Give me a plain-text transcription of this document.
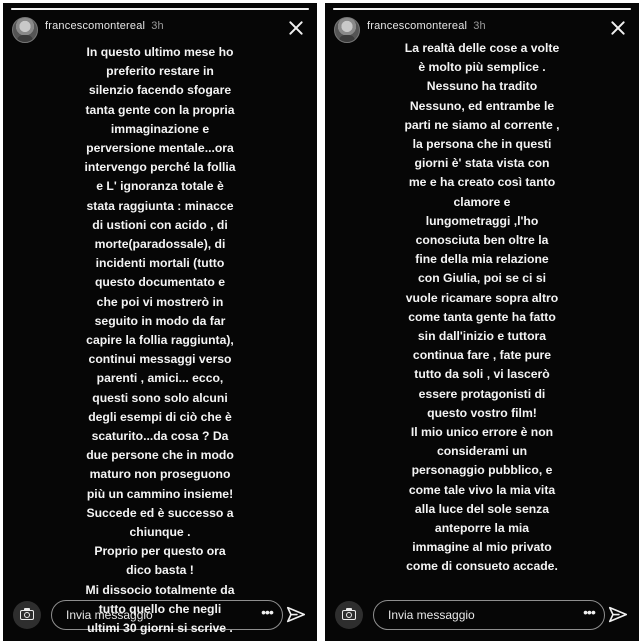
francescomontereal 3h

In questo ultimo mese ho
preferito restare in
silenzio facendo sfogare
tanta gente con la propria
immaginazione e
perversione mentale...ora
intervengo perché la follia
e L' ignoranza totale è
stata raggiunta : minacce
di ustioni con acido , di
morte(paradossale), di
incidenti mortali (tutto
questo documentato e
che poi vi mostrerò in
seguito in modo da far
capire la follia raggiunta),
continui messaggi verso
parenti , amici... ecco,
questi sono solo alcuni
degli esempi di ciò che è
scaturito...da cosa ? Da
due persone che in modo
maturo non proseguono
più un cammino insieme!
Succede ed è successo a
chiunque .
Proprio per questo ora
dico basta !
Mi dissocio totalmente da
tutto quello che negli
ultimi 30 giorni si scrive .

Invia messaggio
•••
francescomontereal 3h

La realtà delle cose a volte
è molto più semplice .
Nessuno ha tradito
Nessuno, ed entrambe le
parti ne siamo al corrente ,
la persona che in questi
giorni è' stata vista con
me e ha creato così tanto
clamore e
lungometraggi ,l'ho
conosciuta ben oltre la
fine della mia relazione
con Giulia, poi se ci si
vuole ricamare sopra altro
come tanta gente ha fatto
sin dall'inizio e tuttora
continua fare , fate pure
tutto da soli , vi lascerò
essere protagonisti di
questo vostro film!
Il mio unico errore è non
considerami un
personaggio pubblico, e
come tale vivo la mia vita
alla luce del sole senza
anteporre la mia
immagine al mio privato
come di consueto accade.

Invia messaggio
•••
